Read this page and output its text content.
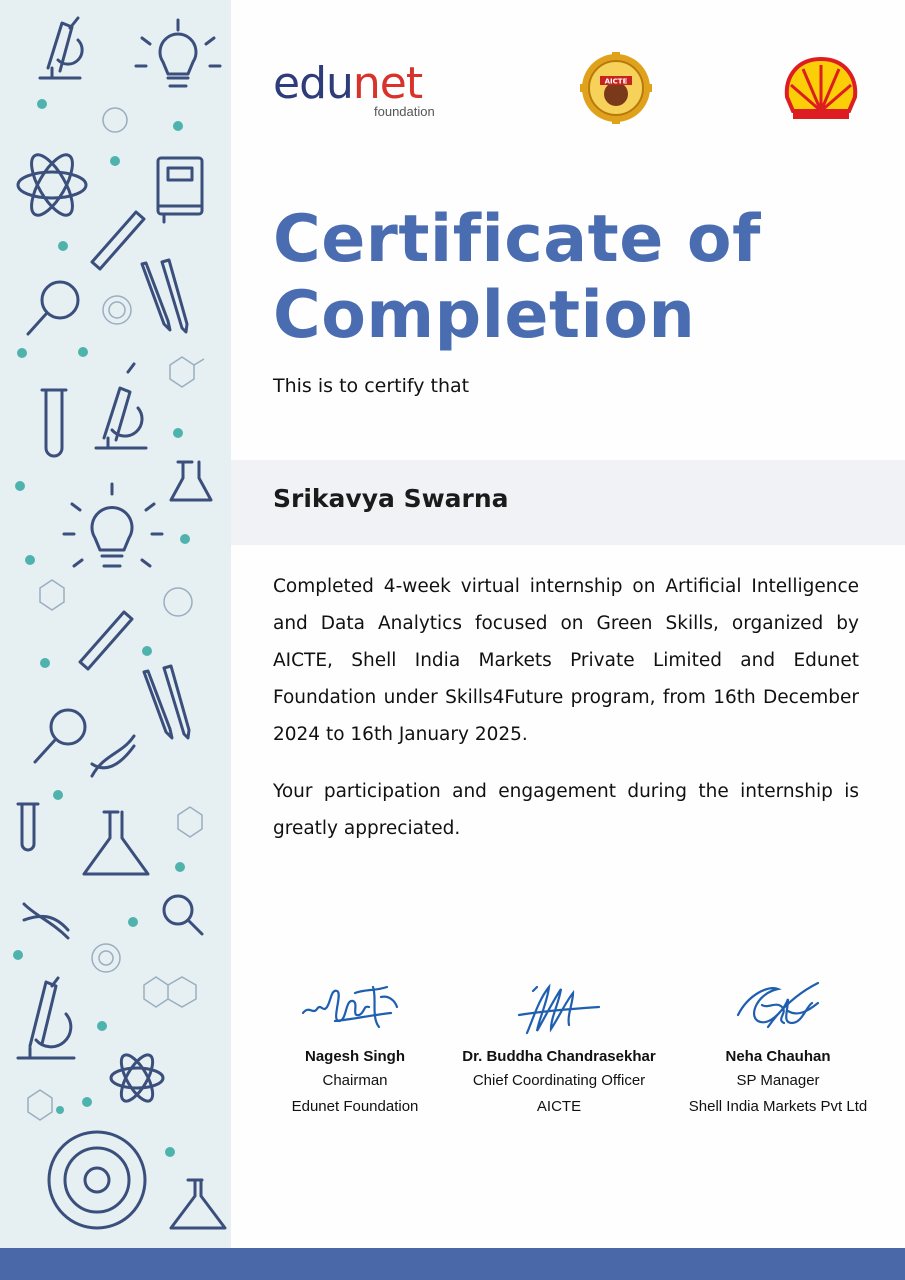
edunet
foundation
AICTE
Certificate of
Completion
This is to certify that
Srikavya Swarna

Completed 4-week virtual internship on Artificial Intelligence and Data Analytics focused on Green Skills, organized by AICTE, Shell India Markets Private Limited and Edunet Foundation under Skills4Future program, from 16th December 2024 to 16th January 2025.

Your participation and engagement during the internship is greatly appreciated.

Nagesh Singh
Chairman
Edunet Foundation
Dr. Buddha Chandrasekhar
Chief Coordinating Officer
AICTE
Neha Chauhan
SP Manager
Shell India Markets Pvt Ltd
